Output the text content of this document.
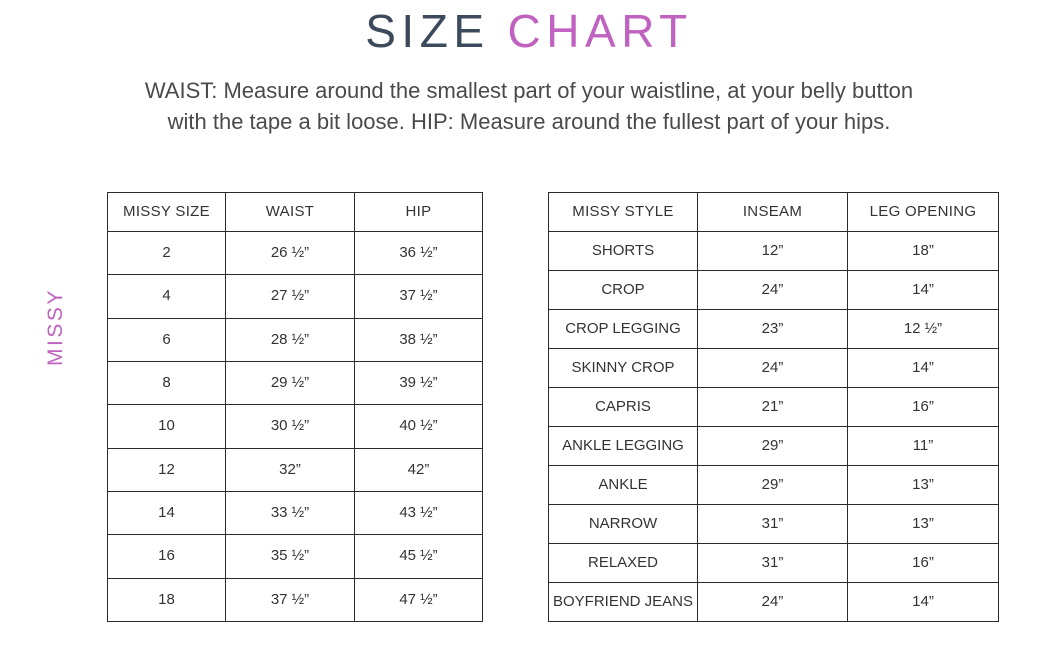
SIZE CHART
WAIST: Measure around the smallest part of your waistline, at your belly button
with the tape a bit loose. HIP: Measure around the fullest part of your hips.
MISSY
MISSY SIZE	WAIST	HIP
2	26 ½”	36 ½”
4	27 ½”	37 ½”
6	28 ½”	38 ½”
8	29 ½”	39 ½”
10	30 ½”	40 ½”
12	32”	42”
14	33 ½”	43 ½”
16	35 ½”	45 ½”
18	37 ½”	47 ½”
MISSY STYLE	INSEAM	LEG OPENING
SHORTS	12”	18”
CROP	24”	14”
CROP LEGGING	23”	12 ½”
SKINNY CROP	24”	14”
CAPRIS	21”	16”
ANKLE LEGGING	29”	11”
ANKLE	29”	13”
NARROW	31”	13”
RELAXED	31”	16”
BOYFRIEND JEANS	24”	14”
